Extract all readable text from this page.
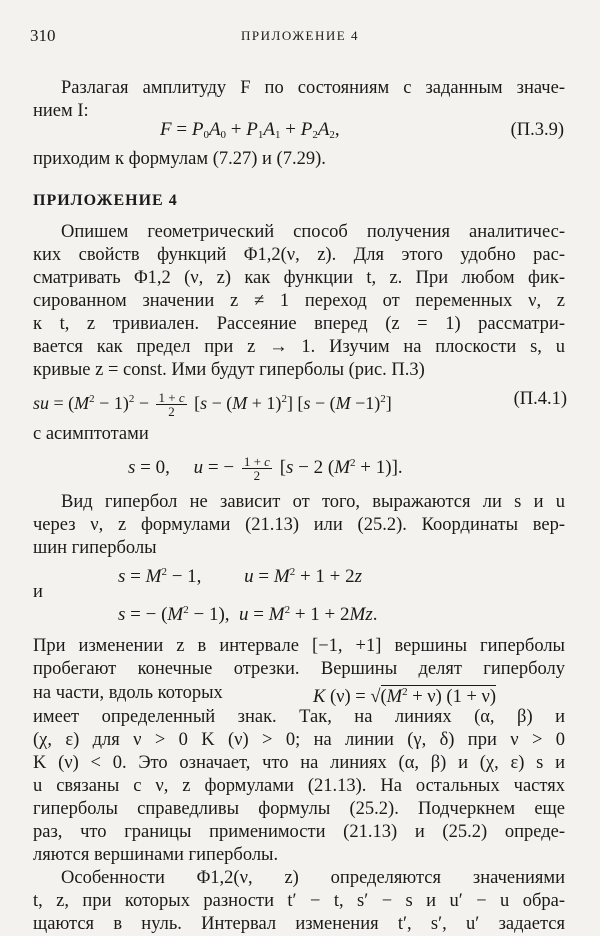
310	ПРИЛОЖЕНИЕ 4
Разлагая амплитуду F по состояниям с заданным значе-
нием I:
$F = P_0A_0 + P_1A_1 + P_2A_2$,	(П.3.9)
приходим к формулам (7.27) и (7.29).
ПРИЛОЖЕНИЕ 4
Опишем геометрический способ получения аналитичес-
ких свойств функций Φ1,2(ν, z). Для этого удобно рас-
сматривать Φ1,2 (ν, z) как функции t, z. При любом фик-
сированном значении z ≠ 1 переход от переменных ν, z
к t, z тривиален. Рассеяние вперед (z = 1) рассматри-
вается как предел при z → 1. Изучим на плоскости s, u
кривые z = const. Ими будут гиперболы (рис. П.3)
su = $(M^2 - 1)^2 - \frac{1 + c}{2} [s - (M + 1)^2] [s - (M -1)^2]$	(П.4.1)
с асимптотами
s = 0,     u = − $\frac{1 + c}{2} [s - 2$ $(M^2 + 1)$].
Вид гипербол не зависит от того, выражаются ли s и u
через ν, z формулами (21.13) или (25.2). Координаты вер-
шин гиперболы
$s = M^2 - 1$,         $u = M^2 + 1 + 2z$
и
s = − $(M^2 - 1)$,  $u = M^2 + 1 + 2Mz$.
При изменении z в интервале [−1, +1] вершины гиперболы
пробегают конечные отрезки. Вершины делят гиперболу
на части, вдоль которых	K $(\nu) = √(M^2 + \nu) (1 + \nu)$
имеет определенный знак. Так, на линиях (α, β) и
(χ, ε) для ν > 0 K (ν) > 0; на линии (γ, δ) при ν > 0
K (ν) < 0. Это означает, что на линиях (α, β) и (χ, ε) s и
u связаны с ν, z формулами (21.13). На остальных частях
гиперболы справедливы формулы (25.2). Подчеркнем еще
раз, что границы применимости (21.13) и (25.2) опреде-
ляются вершинами гиперболы.
Особенности Φ1,2(ν, z) определяются значениями
t, z, при которых разности t′ − t, s′ − s и u′ − u обра-
щаются в нуль. Интервал изменения t′, s′, u′ задается
